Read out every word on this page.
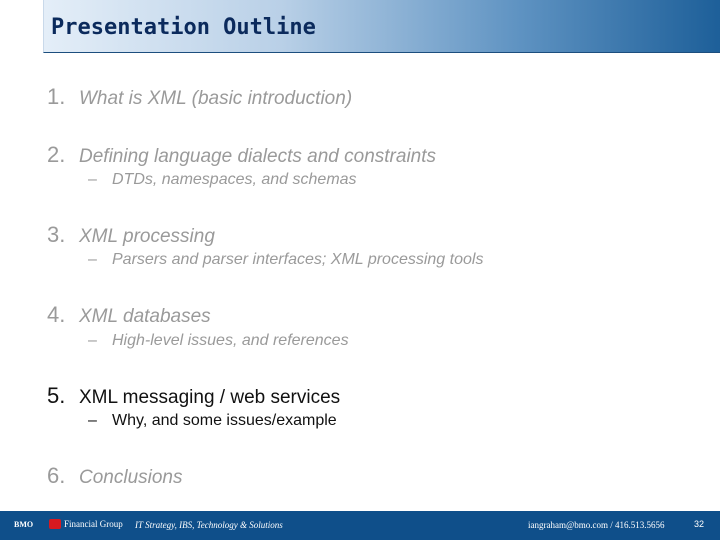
Presentation Outline
1. What is XML (basic introduction)
2. Defining language dialects and constraints
– DTDs, namespaces, and schemas
3. XML processing
– Parsers and parser interfaces; XML processing tools
4. XML databases
– High-level issues, and references
5. XML messaging / web services
– Why, and some issues/example
6. Conclusions
BMO	Financial Group IT Strategy, IBS, Technology & Solutions	iangraham@bmo.com / 416.513.5656	32
